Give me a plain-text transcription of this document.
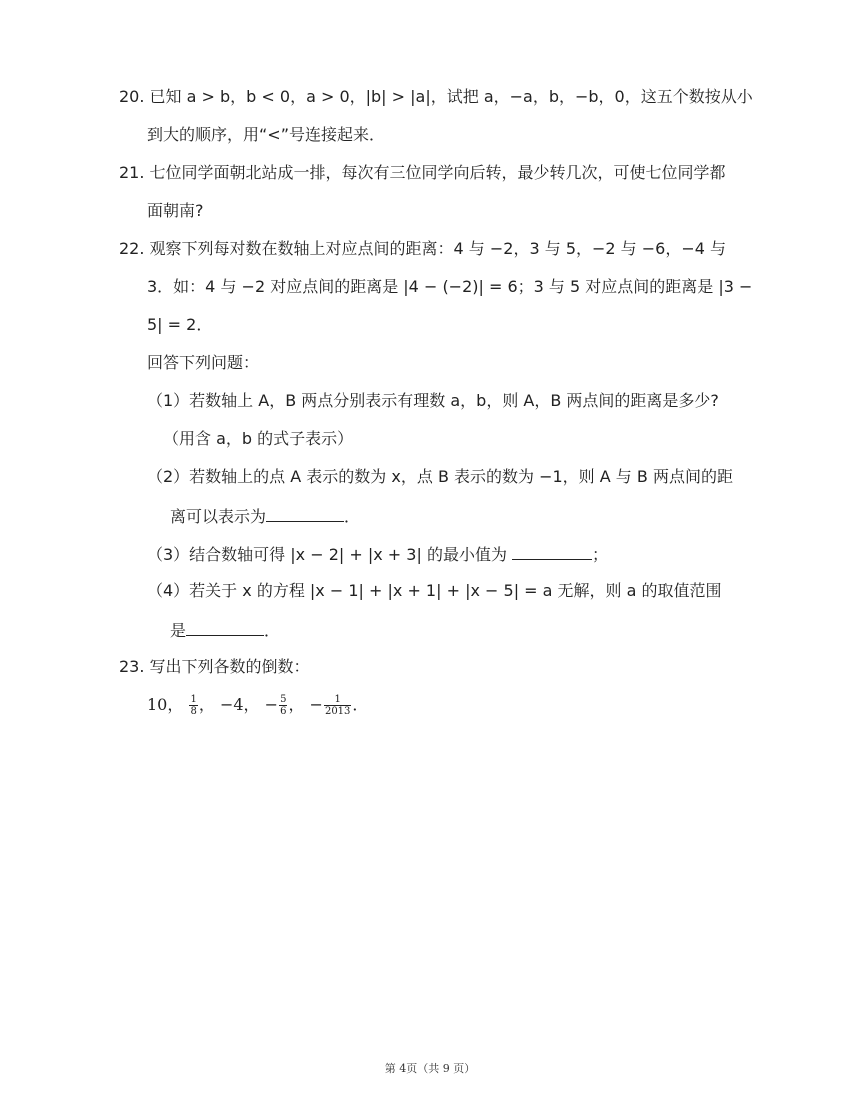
20. 已知 a > b，b < 0，a > 0，|b| > |a|，试把 a，−a，b，−b，0，这五个数按从小
到大的顺序，用“<”号连接起来．
21. 七位同学面朝北站成一排，每次有三位同学向后转，最少转几次，可使七位同学都
面朝南?
22. 观察下列每对数在数轴上对应点间的距离：4 与 −2，3 与 5，−2 与 −6，−4 与
3．如：4 与 −2 对应点间的距离是 |4 − (−2)| = 6；3 与 5 对应点间的距离是 |3 −
5| = 2．
回答下列问题：
（1）若数轴上 A，B 两点分别表示有理数 a，b，则 A，B 两点间的距离是多少?
（用含 a，b 的式子表示）
（2）若数轴上的点 A 表示的数为 x，点 B 表示的数为 −1，则 A 与 B 两点间的距
离可以表示为	．
（3）结合数轴可得 |x − 2| + |x + 3| 的最小值为	；
（4）若关于 x 的方程 |x − 1| + |x + 1| + |x − 5| = a 无解，则 a 的取值范围
是	．
23. 写出下列各数的倒数：
10， $\frac{1}{8}$ ， −4， − $\frac{5}{6}$ ， − $\frac{1}{2013}$ ．
第 4页（共 9 页）
